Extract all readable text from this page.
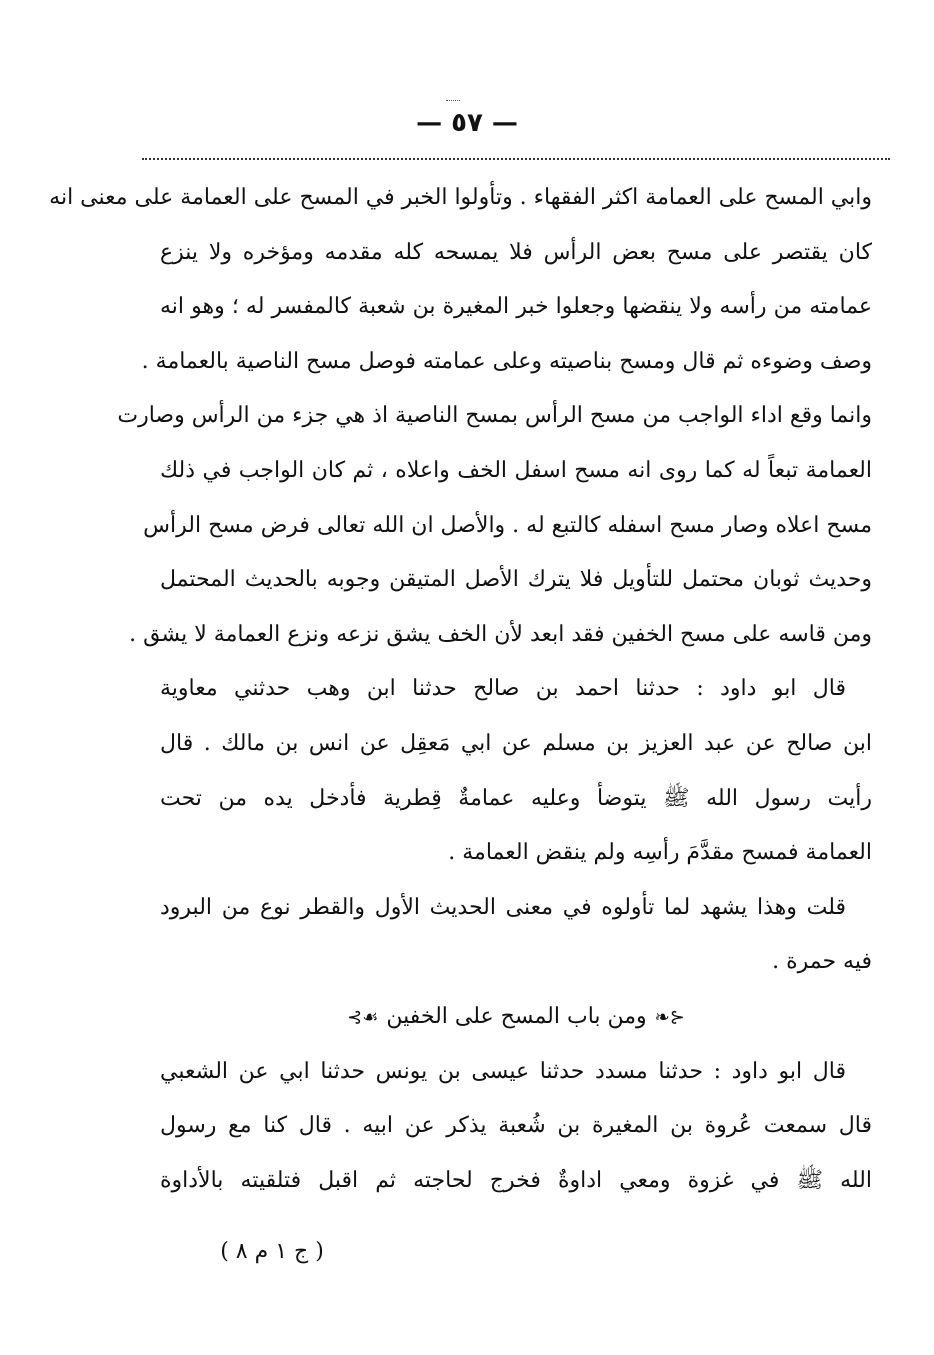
— ٥٧ —
وابي المسح على العمامة اكثر الفقهاء . وتأولوا الخبر في المسح على العمامة على معنى انه
كان يقتصر على مسح بعض الرأس فلا يمسحه كله مقدمه ومؤخره ولا ينزع
عمامته من رأسه ولا ينقضها وجعلوا خبر المغيرة بن شعبة كالمفسر له ؛ وهو انه
وصف وضوءه ثم قال ومسح بناصيته وعلى عمامته فوصل مسح الناصية بالعمامة .
وانما وقع اداء الواجب من مسح الرأس بمسح الناصية اذ هي جزء من الرأس وصارت
العمامة تبعاً له كما روى انه مسح اسفل الخف واعلاه ، ثم كان الواجب في ذلك
مسح اعلاه وصار مسح اسفله كالتبع له . والأصل ان الله تعالى فرض مسح الرأس
وحديث ثوبان محتمل للتأويل فلا يترك الأصل المتيقن وجوبه بالحديث المحتمل
ومن قاسه على مسح الخفين فقد ابعد لأن الخف يشق نزعه ونزع العمامة لا يشق .
قال ابو داود : حدثنا احمد بن صالح حدثنا ابن وهب حدثني معاوية
ابن صالح عن عبد العزيز بن مسلم عن ابي مَعقِل عن انس بن مالك . قال
رأيت رسول الله ﷺ يتوضأ وعليه عمامةٌ قِطرية فأدخل يده من تحت
العمامة فمسح مقدَّمَ رأسِه ولم ينقض العمامة .
قلت وهذا يشهد لما تأولوه في معنى الحديث الأول والقطر نوع من البرود
فيه حمرة .
⊰❧ومن باب المسح على الخفين☙⊱
قال ابو داود : حدثنا مسدد حدثنا عيسى بن يونس حدثنا ابي عن الشعبي
قال سمعت عُروة بن المغيرة بن شُعبة يذكر عن ابيه . قال كنا مع رسول
الله ﷺ في غزوة ومعي اداوةٌ فخرج لحاجته ثم اقبل فتلقيته بالأداوة
( ج ١ م ٨ )
